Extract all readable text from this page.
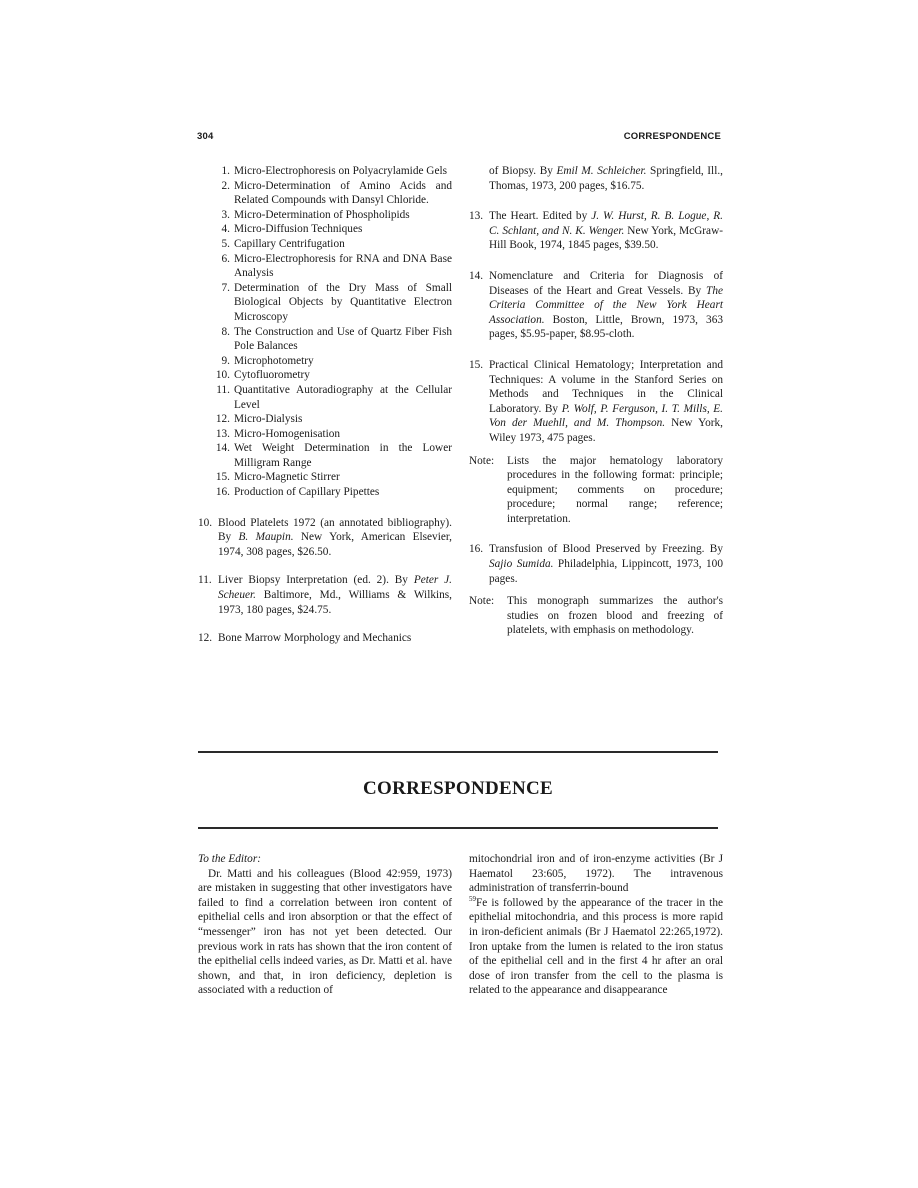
304	CORRESPONDENCE
1. Micro-Electrophoresis on Polyacrylamide Gels
2. Micro-Determination of Amino Acids and Related Compounds with Dansyl Chloride.
3. Micro-Determination of Phospholipids
4. Micro-Diffusion Techniques
5. Capillary Centrifugation
6. Micro-Electrophoresis for RNA and DNA Base Analysis
7. Determination of the Dry Mass of Small Biological Objects by Quantitative Electron Microscopy
8. The Construction and Use of Quartz Fiber Fish Pole Balances
9. Microphotometry
10. Cytofluorometry
11. Quantitative Autoradiography at the Cellular Level
12. Micro-Dialysis
13. Micro-Homogenisation
14. Wet Weight Determination in the Lower Milligram Range
15. Micro-Magnetic Stirrer
16. Production of Capillary Pipettes

10. Blood Platelets 1972 (an annotated bibliography). By B. Maupin. New York, American Elsevier, 1974, 308 pages, $26.50.

11. Liver Biopsy Interpretation (ed. 2). By Peter J. Scheuer. Baltimore, Md., Williams & Wilkins, 1973, 180 pages, $24.75.

12. Bone Marrow Morphology and Mechanics

of Biopsy. By Emil M. Schleicher. Springfield, Ill., Thomas, 1973, 200 pages, $16.75.

13. The Heart. Edited by J. W. Hurst, R. B. Logue, R. C. Schlant, and N. K. Wenger. New York, McGraw-Hill Book, 1974, 1845 pages, $39.50.

14. Nomenclature and Criteria for Diagnosis of Diseases of the Heart and Great Vessels. By The Criteria Committee of the New York Heart Association. Boston, Little, Brown, 1973, 363 pages, $5.95-paper, $8.95-cloth.

15. Practical Clinical Hematology; Interpretation and Techniques: A volume in the Stanford Series on Methods and Techniques in the Clinical Laboratory. By P. Wolf, P. Ferguson, I. T. Mills, E. Von der Muehll, and M. Thompson. New York, Wiley 1973, 475 pages.

Note: Lists the major hematology laboratory procedures in the following format: principle; equipment; comments on procedure; procedure; normal range; reference; interpretation.

16. Transfusion of Blood Preserved by Freezing. By Sajio Sumida. Philadelphia, Lippincott, 1973, 100 pages.

Note: This monograph summarizes the author's studies on frozen blood and freezing of platelets, with emphasis on methodology.

CORRESPONDENCE
To the Editor:
Dr. Matti and his colleagues (Blood 42:959, 1973) are mistaken in suggesting that other investigators have failed to find a correlation between iron content of epithelial cells and iron absorption or that the effect of “messenger” iron has not yet been detected. Our previous work in rats has shown that the iron content of the epithelial cells indeed varies, as Dr. Matti et al. have shown, and that, in iron deficiency, depletion is associated with a reduction of
mitochondrial iron and of iron-enzyme activities (Br J Haematol 23:605, 1972). The intravenous administration of transferrin-bound
$^{59}$Fe is followed by the appearance of the tracer in the epithelial mitochondria, and this process is more rapid in iron-deficient animals (Br J Haematol 22:265,1972). Iron uptake from the lumen is related to the iron status of the epithelial cell and in the first 4 hr after an oral dose of iron transfer from the cell to the plasma is related to the appearance and disappearance
